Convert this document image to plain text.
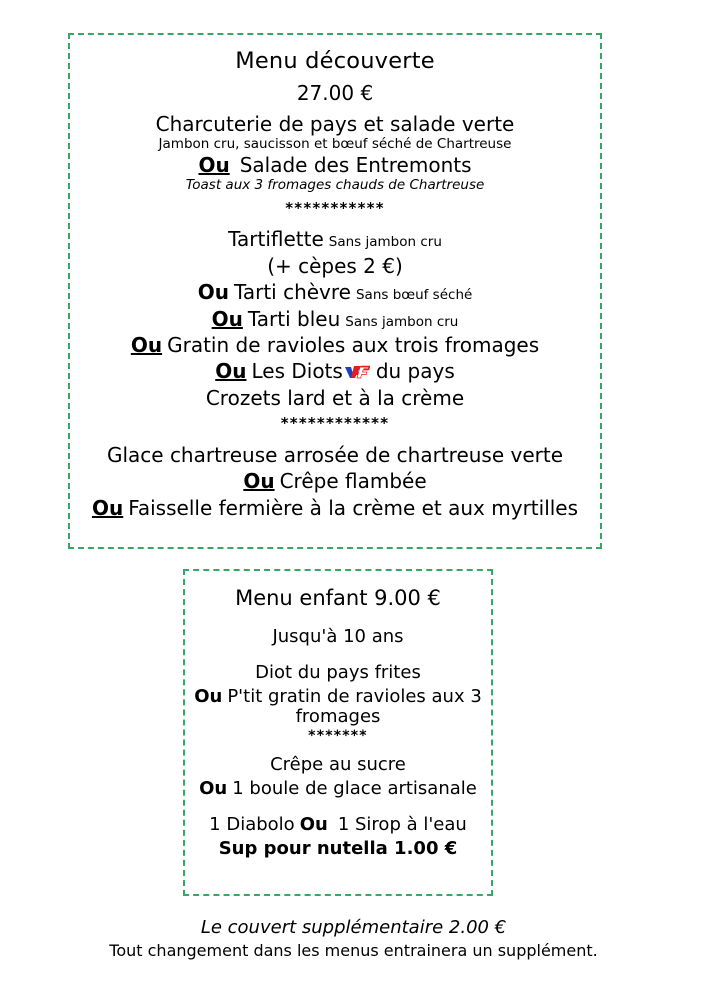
Menu découverte
27.00 €
Charcuterie de pays et salade verte
Jambon cru, saucisson et bœuf séché de Chartreuse
Ou Salade des Entremonts
Toast aux 3 fromages chauds de Chartreuse
***********
Tartiflette Sans jambon cru
(+ cèpes 2 €)
Ou Tarti chèvre Sans bœuf séché
Ou Tarti bleu Sans jambon cru
Ou Gratin de ravioles aux trois fromages
Ou Les Diots du pays
Crozets lard et à la crème
************
Glace chartreuse arrosée de chartreuse verte
Ou Crêpe flambée
Ou Faisselle fermière à la crème et aux myrtilles
Menu enfant 9.00 €
Jusqu'à 10 ans
Diot du pays frites
Ou P'tit gratin de ravioles aux 3 fromages
*******
Crêpe au sucre
Ou 1 boule de glace artisanale
1 Diabolo Ou 1 Sirop à l'eau
Sup pour nutella 1.00 €
Le couvert supplémentaire 2.00 €
Tout changement dans les menus entrainera un supplément.
